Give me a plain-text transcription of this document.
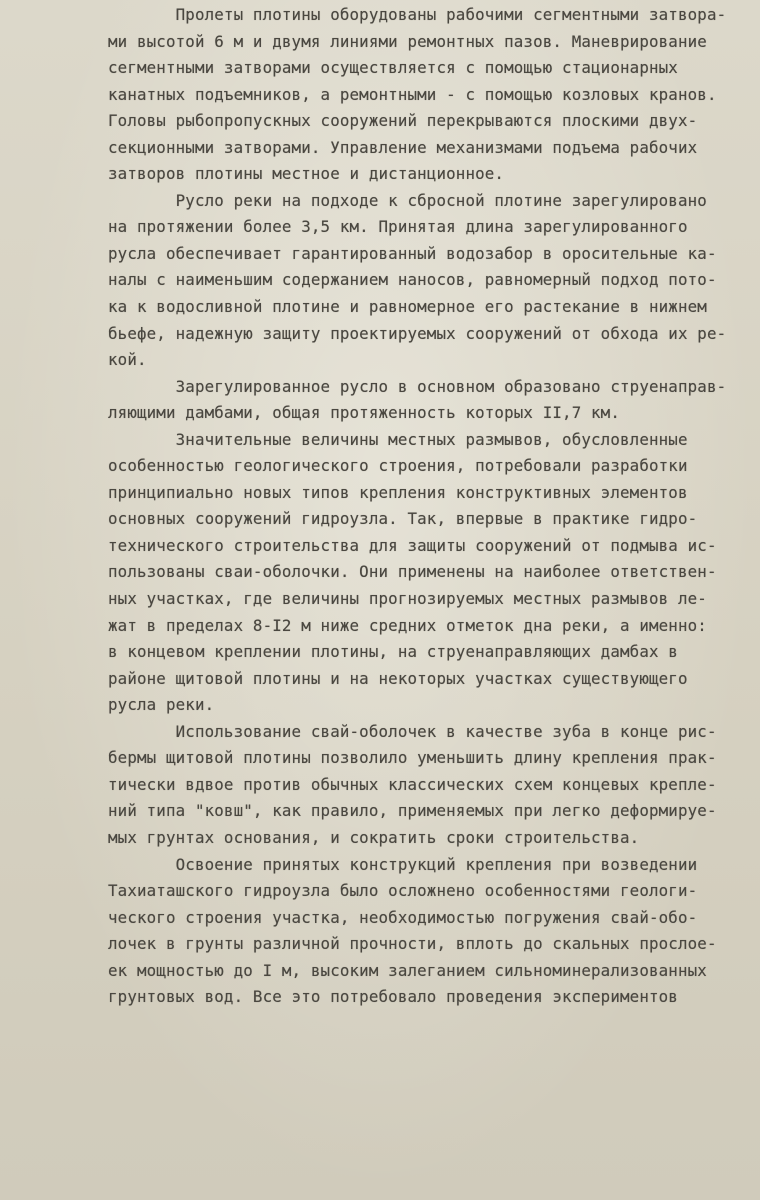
Пролеты плотины оборудованы рабочими сегментными затвора-
ми высотой 6 м и двумя линиями ремонтных пазов. Маневрирование
сегментными затворами осуществляется с помощью стационарных
канатных подъемников, а ремонтными - с помощью козловых кранов.
Головы рыбопропускных сооружений перекрываются плоскими двух-
секционными затворами. Управление механизмами подъема рабочих
затворов плотины местное и дистанционное.
Русло реки на подходе к сбросной плотине зарегулировано
на протяжении более 3,5 км. Принятая длина зарегулированного
русла обеспечивает гарантированный водозабор в оросительные ка-
налы с наименьшим содержанием наносов, равномерный подход пото-
ка к водосливной плотине и равномерное его растекание в нижнем
бьефе, надежную защиту проектируемых сооружений от обхода их ре-
кой.
Зарегулированное русло в основном образовано струенаправ-
ляющими дамбами, общая протяженность которых II,7 км.
Значительные величины местных размывов, обусловленные
особенностью геологического строения, потребовали разработки
принципиально новых типов крепления конструктивных элементов
основных сооружений гидроузла. Так, впервые в практике гидро-
технического строительства для защиты сооружений от подмыва ис-
пользованы сваи-оболочки. Они применены на наиболее ответствен-
ных участках, где величины прогнозируемых местных размывов ле-
жат в пределах 8-I2 м ниже средних отметок дна реки, а именно:
в концевом креплении плотины, на струенаправляющих дамбах в
районе щитовой плотины и на некоторых участках существующего
русла реки.
Использование свай-оболочек в качестве зуба в конце рис-
бермы щитовой плотины позволило уменьшить длину крепления прак-
тически вдвое против обычных классических схем концевых крепле-
ний типа "ковш", как правило, применяемых при легко деформируе-
мых грунтах основания, и сократить сроки строительства.
Освоение принятых конструкций крепления при возведении
Тахиаташского гидроузла было осложнено особенностями геологи-
ческого строения участка, необходимостью погружения свай-обо-
лочек в грунты различной прочности, вплоть до скальных прослое-
ек мощностью до I м, высоким залеганием сильноминерализованных
грунтовых вод. Все это потребовало проведения экспериментов
